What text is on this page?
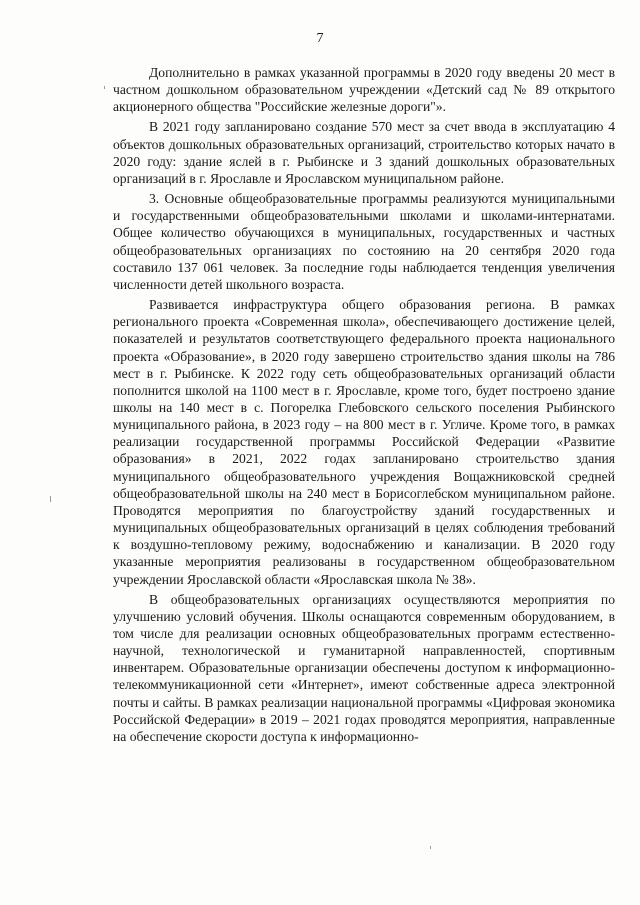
7

Дополнительно в рамках указанной программы в 2020 году введены 20 мест в частном дошкольном образовательном учреждении «Детский сад № 89 открытого акционерного общества "Российские железные дороги"».

В 2021 году запланировано создание 570 мест за счет ввода в эксплуатацию 4 объектов дошкольных образовательных организаций, строительство которых начато в 2020 году: здание яслей в г. Рыбинске и 3 зданий дошкольных образовательных организаций в г. Ярославле и Ярославском муниципальном районе.

3. Основные общеобразовательные программы реализуются муниципальными и государственными общеобразовательными школами и школами-интернатами. Общее количество обучающихся в муниципальных, государственных и частных общеобразовательных организациях по состоянию на 20 сентября 2020 года составило 137 061 человек. За последние годы наблюдается тенденция увеличения численности детей школьного возраста.

Развивается инфраструктура общего образования региона. В рамках регионального проекта «Современная школа», обеспечивающего достижение целей, показателей и результатов соответствующего федерального проекта национального проекта «Образование», в 2020 году завершено строительство здания школы на 786 мест в г. Рыбинске. К 2022 году сеть общеобразовательных организаций области пополнится школой на 1100 мест в г. Ярославле, кроме того, будет построено здание школы на 140 мест в с. Погорелка Глебовского сельского поселения Рыбинского муниципального района, в 2023 году – на 800 мест в г. Угличе. Кроме того, в рамках реализации государственной программы Российской Федерации «Развитие образования» в 2021, 2022 годах запланировано строительство здания муниципального общеобразовательного учреждения Вощажниковской средней общеобразовательной школы на 240 мест в Борисоглебском муниципальном районе. Проводятся мероприятия по благоустройству зданий государственных и муниципальных общеобразовательных организаций в целях соблюдения требований к воздушно-тепловому режиму, водоснабжению и канализации. В 2020 году указанные мероприятия реализованы в государственном общеобразовательном учреждении Ярославской области «Ярославская школа № 38».

В общеобразовательных организациях осуществляются мероприятия по улучшению условий обучения. Школы оснащаются современным оборудованием, в том числе для реализации основных общеобразовательных программ естественно-научной, технологической и гуманитарной направленностей, спортивным инвентарем. Образовательные организации обеспечены доступом к информационно-телекоммуникационной сети «Интернет», имеют собственные адреса электронной почты и сайты. В рамках реализации национальной программы «Цифровая экономика Российской Федерации» в 2019 – 2021 годах проводятся мероприятия, направленные на обеспечение скорости доступа к информационно-
